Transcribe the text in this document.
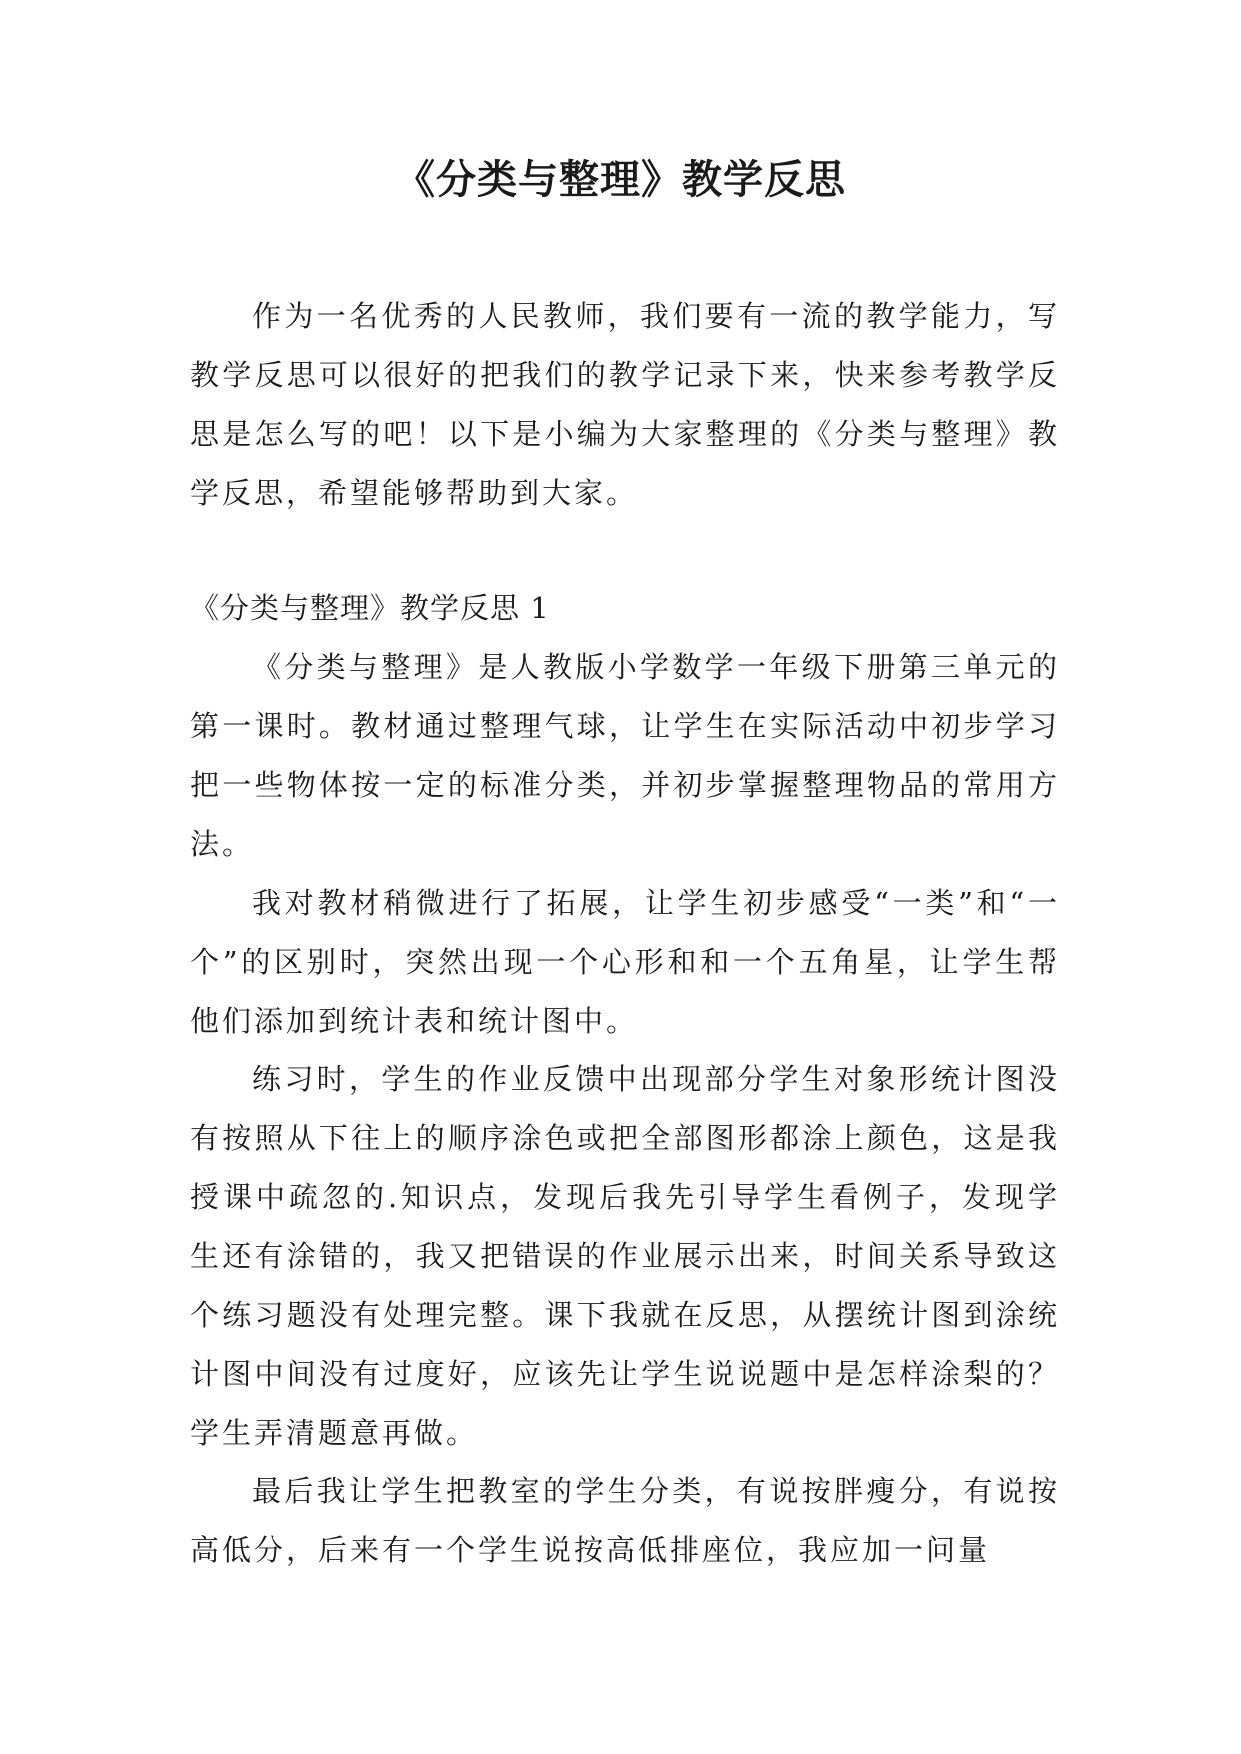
《分类与整理》教学反思

作为一名优秀的人民教师，我们要有一流的教学能力，写教学反思可以很好的把我们的教学记录下来，快来参考教学反思是怎么写的吧！以下是小编为大家整理的《分类与整理》教学反思，希望能够帮助到大家。

《分类与整理》教学反思 1

《分类与整理》是人教版小学数学一年级下册第三单元的第一课时。教材通过整理气球，让学生在实际活动中初步学习把一些物体按一定的标准分类，并初步掌握整理物品的常用方法。

我对教材稍微进行了拓展，让学生初步感受“一类”和“一个”的区别时，突然出现一个心形和和一个五角星，让学生帮他们添加到统计表和统计图中。

练习时，学生的作业反馈中出现部分学生对象形统计图没有按照从下往上的顺序涂色或把全部图形都涂上颜色，这是我授课中疏忽的.知识点，发现后我先引导学生看例子，发现学生还有涂错的，我又把错误的作业展示出来，时间关系导致这个练习题没有处理完整。课下我就在反思，从摆统计图到涂统计图中间没有过度好，应该先让学生说说题中是怎样涂梨的？学生弄清题意再做。

最后我让学生把教室的学生分类，有说按胖瘦分，有说按高低分，后来有一个学生说按高低排座位，我应加一问量
